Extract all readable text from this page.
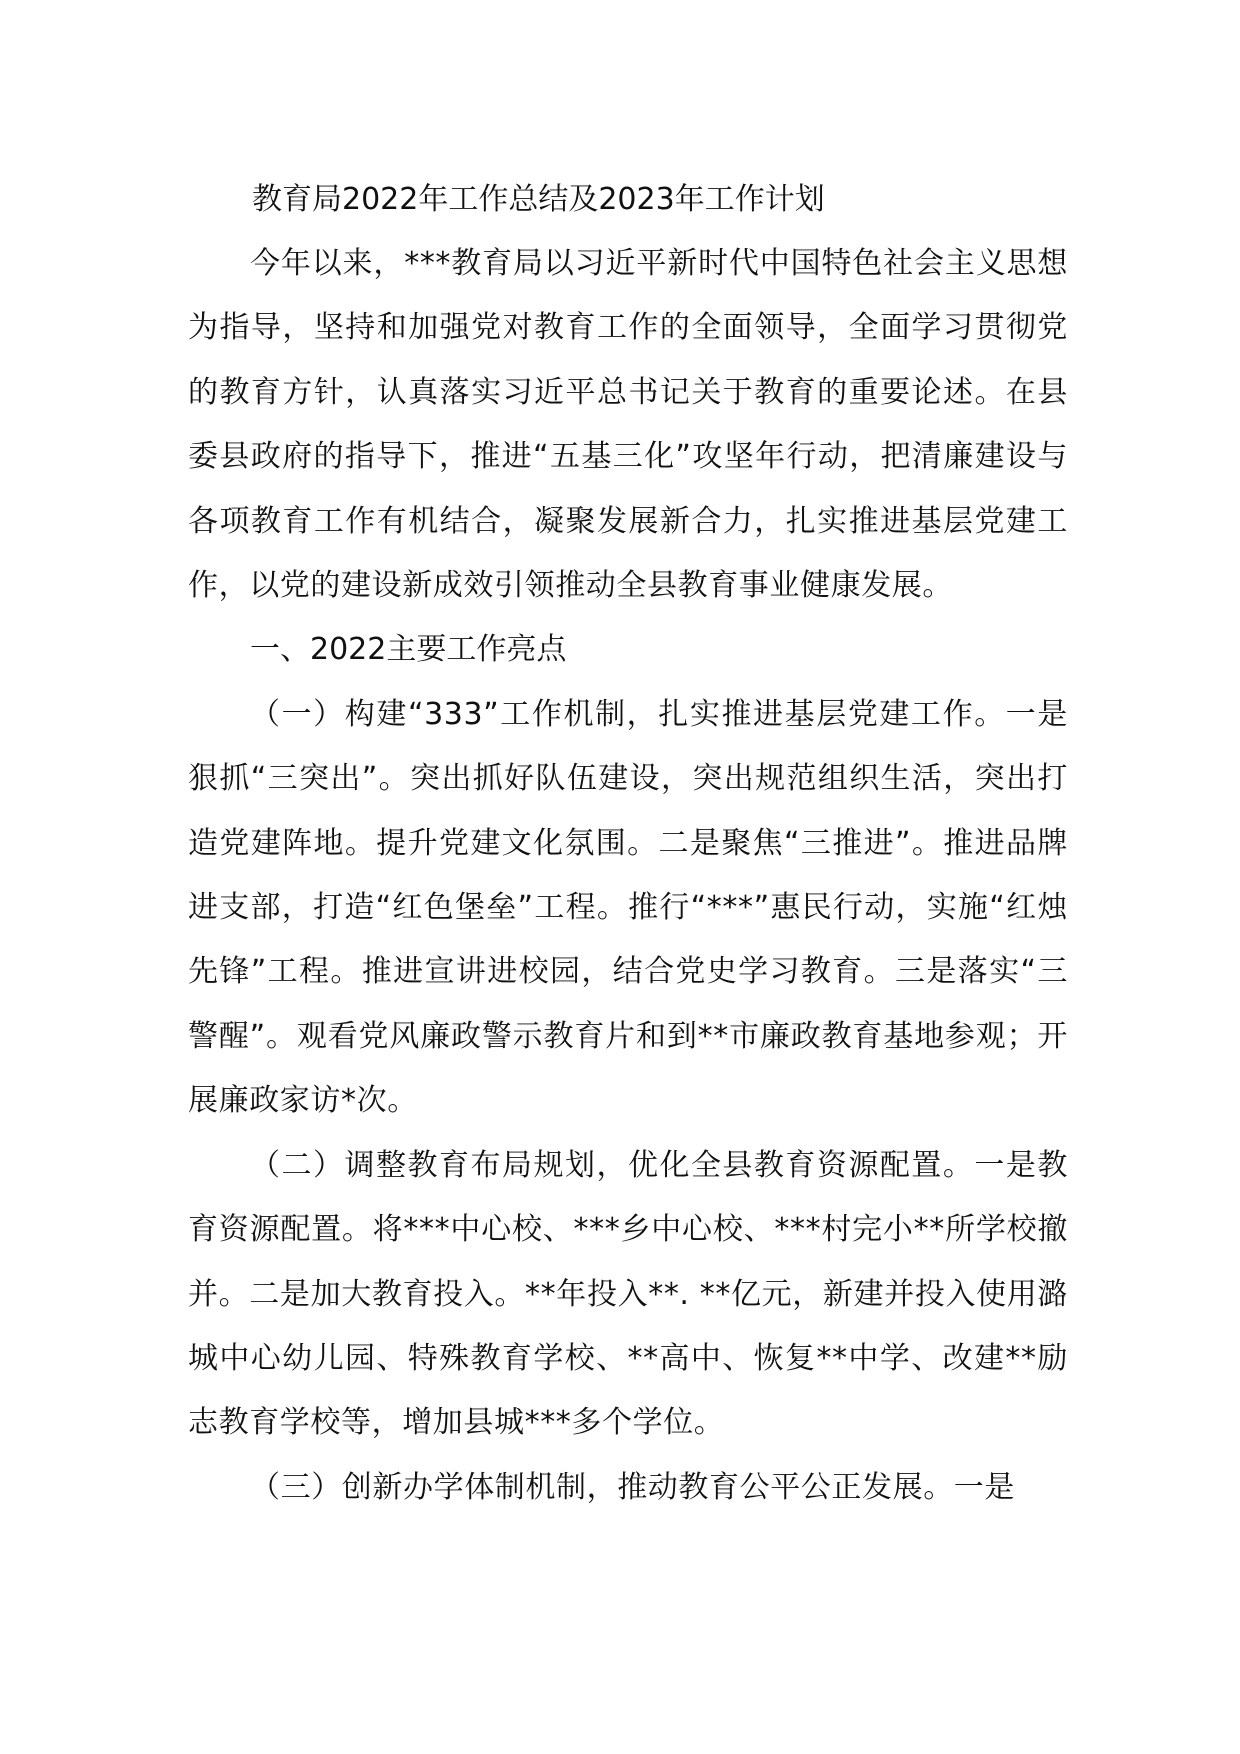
教育局2022年工作总结及2023年工作计划

今年以来，***教育局以习近平新时代中国特色社会主义思想为指导，坚持和加强党对教育工作的全面领导，全面学习贯彻党的教育方针，认真落实习近平总书记关于教育的重要论述。在县委县政府的指导下，推进“五基三化”攻坚年行动，把清廉建设与各项教育工作有机结合，凝聚发展新合力，扎实推进基层党建工作，以党的建设新成效引领推动全县教育事业健康发展。

一、2022主要工作亮点

（一）构建“333”工作机制，扎实推进基层党建工作。一是狠抓“三突出”。突出抓好队伍建设，突出规范组织生活，突出打造党建阵地。提升党建文化氛围。二是聚焦“三推进”。推进品牌进支部，打造“红色堡垒”工程。推行“***”惠民行动，实施“红烛先锋”工程。推进宣讲进校园，结合党史学习教育。三是落实“三警醒”。观看党风廉政警示教育片和到**市廉政教育基地参观；开展廉政家访*次。

（二）调整教育布局规划，优化全县教育资源配置。一是教育资源配置。将***中心校、***乡中心校、***村完小**所学校撤并。二是加大教育投入。**年投入**. **亿元，新建并投入使用潞城中心幼儿园、特殊教育学校、**高中、恢复**中学、改建**励志教育学校等，增加县城***多个学位。

（三）创新办学体制机制，推动教育公平公正发展。一是
